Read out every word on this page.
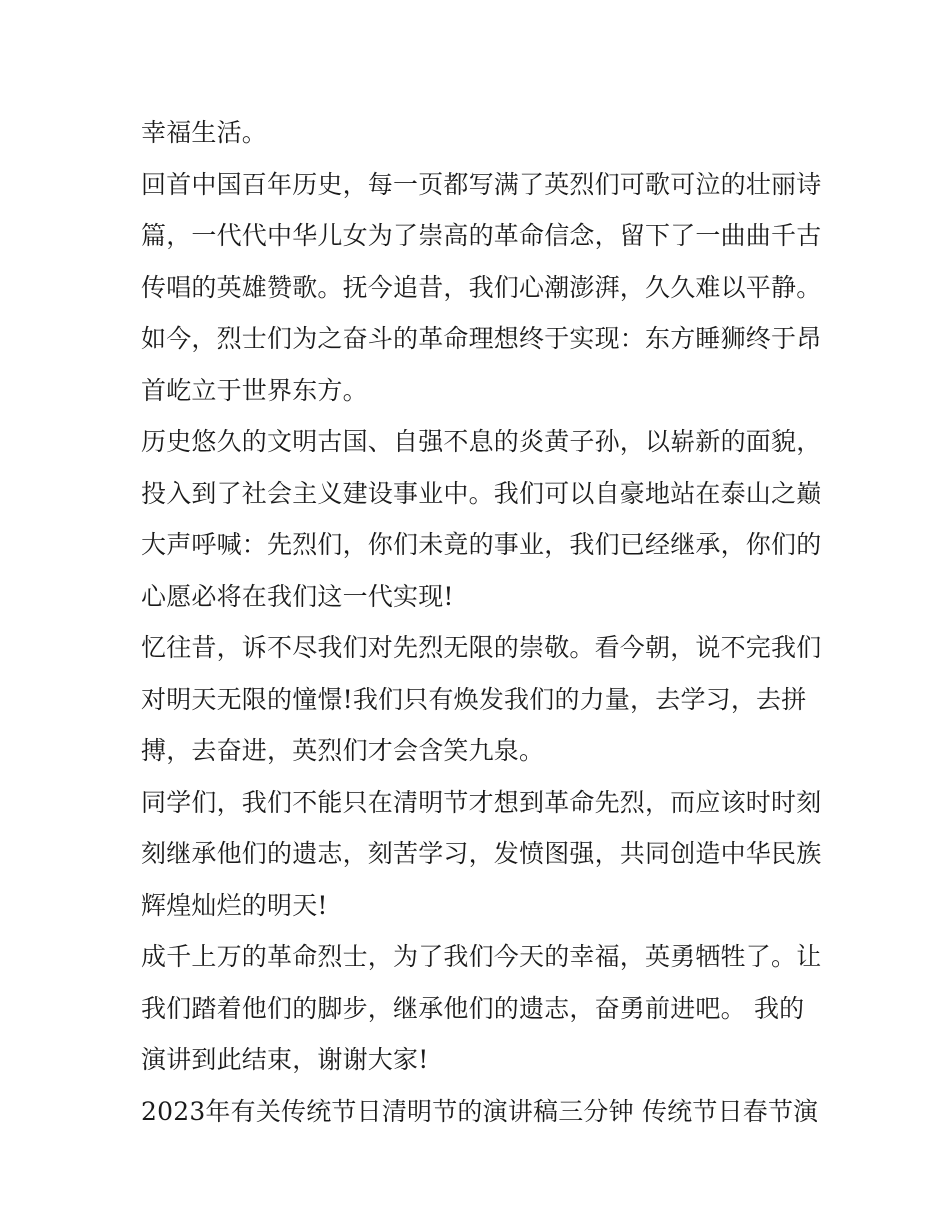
幸福生活。
回首中国百年历史，每一页都写满了英烈们可歌可泣的壮丽诗
篇，一代代中华儿女为了崇高的革命信念，留下了一曲曲千古
传唱的英雄赞歌。抚今追昔，我们心潮澎湃，久久难以平静。
如今，烈士们为之奋斗的革命理想终于实现：东方睡狮终于昂
首屹立于世界东方。
历史悠久的文明古国、自强不息的炎黄子孙，以崭新的面貌，
投入到了社会主义建设事业中。我们可以自豪地站在泰山之巅
大声呼喊：先烈们，你们未竟的事业，我们已经继承，你们的
心愿必将在我们这一代实现!
忆往昔，诉不尽我们对先烈无限的崇敬。看今朝，说不完我们
对明天无限的憧憬!我们只有焕发我们的力量，去学习，去拼
搏，去奋进，英烈们才会含笑九泉。
同学们，我们不能只在清明节才想到革命先烈，而应该时时刻
刻继承他们的遗志，刻苦学习，发愤图强，共同创造中华民族
辉煌灿烂的明天!
成千上万的革命烈士，为了我们今天的幸福，英勇牺牲了。让
我们踏着他们的脚步，继承他们的遗志，奋勇前进吧。 我的
演讲到此结束，谢谢大家!
2023年有关传统节日清明节的演讲稿三分钟 传统节日春节演
